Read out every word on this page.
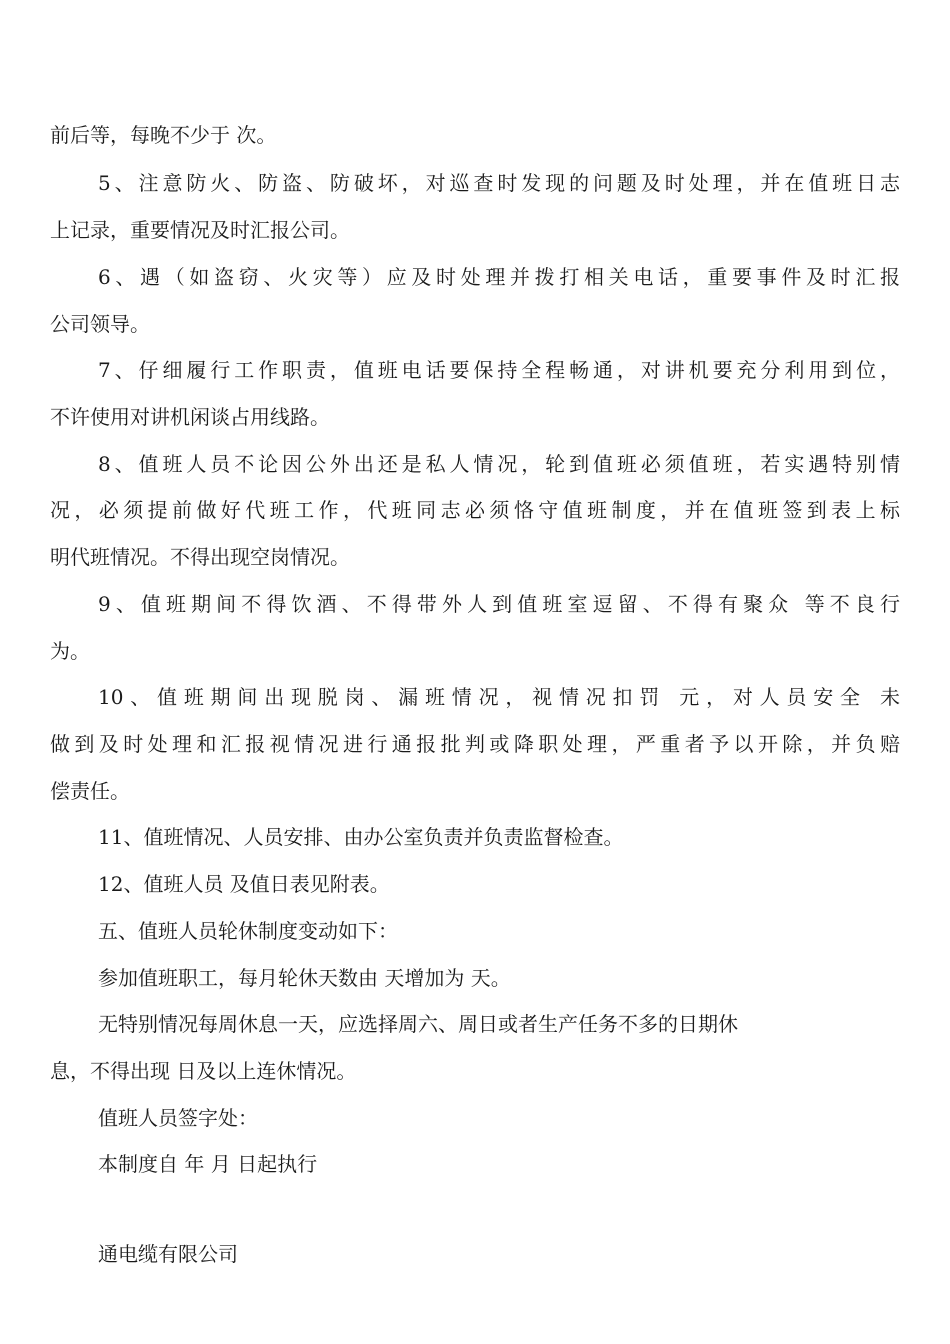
前后等，每晚不少于 次。
5、注意防火、防盗、防破坏，对巡查时发现的问题及时处理，并在值班日志
上记录，重要情况及时汇报公司。
6、遇（如盗窃、火灾等）应及时处理并拨打相关电话，重要事件及时汇报
公司领导。
7、仔细履行工作职责，值班电话要保持全程畅通，对讲机要充分利用到位，
不许使用对讲机闲谈占用线路。
8、值班人员不论因公外出还是私人情况，轮到值班必须值班，若实遇特别情
况，必须提前做好代班工作，代班同志必须恪守值班制度，并在值班签到表上标
明代班情况。不得出现空岗情况。
9、值班期间不得饮酒、不得带外人到值班室逗留、不得有聚众 等不良行
为。
10、值班期间出现脱岗、漏班情况，视情况扣罚 元，对人员安全 未
做到及时处理和汇报视情况进行通报批判或降职处理，严重者予以开除，并负赔
偿责任。
11、值班情况、人员安排、由办公室负责并负责监督检查。
12、值班人员 及值日表见附表。
五、值班人员轮休制度变动如下：
参加值班职工，每月轮休天数由 天增加为 天。
无特别情况每周休息一天，应选择周六、周日或者生产任务不多的日期休
息，不得出现 日及以上连休情况。
值班人员签字处：
本制度自 年 月 日起执行
通电缆有限公司
